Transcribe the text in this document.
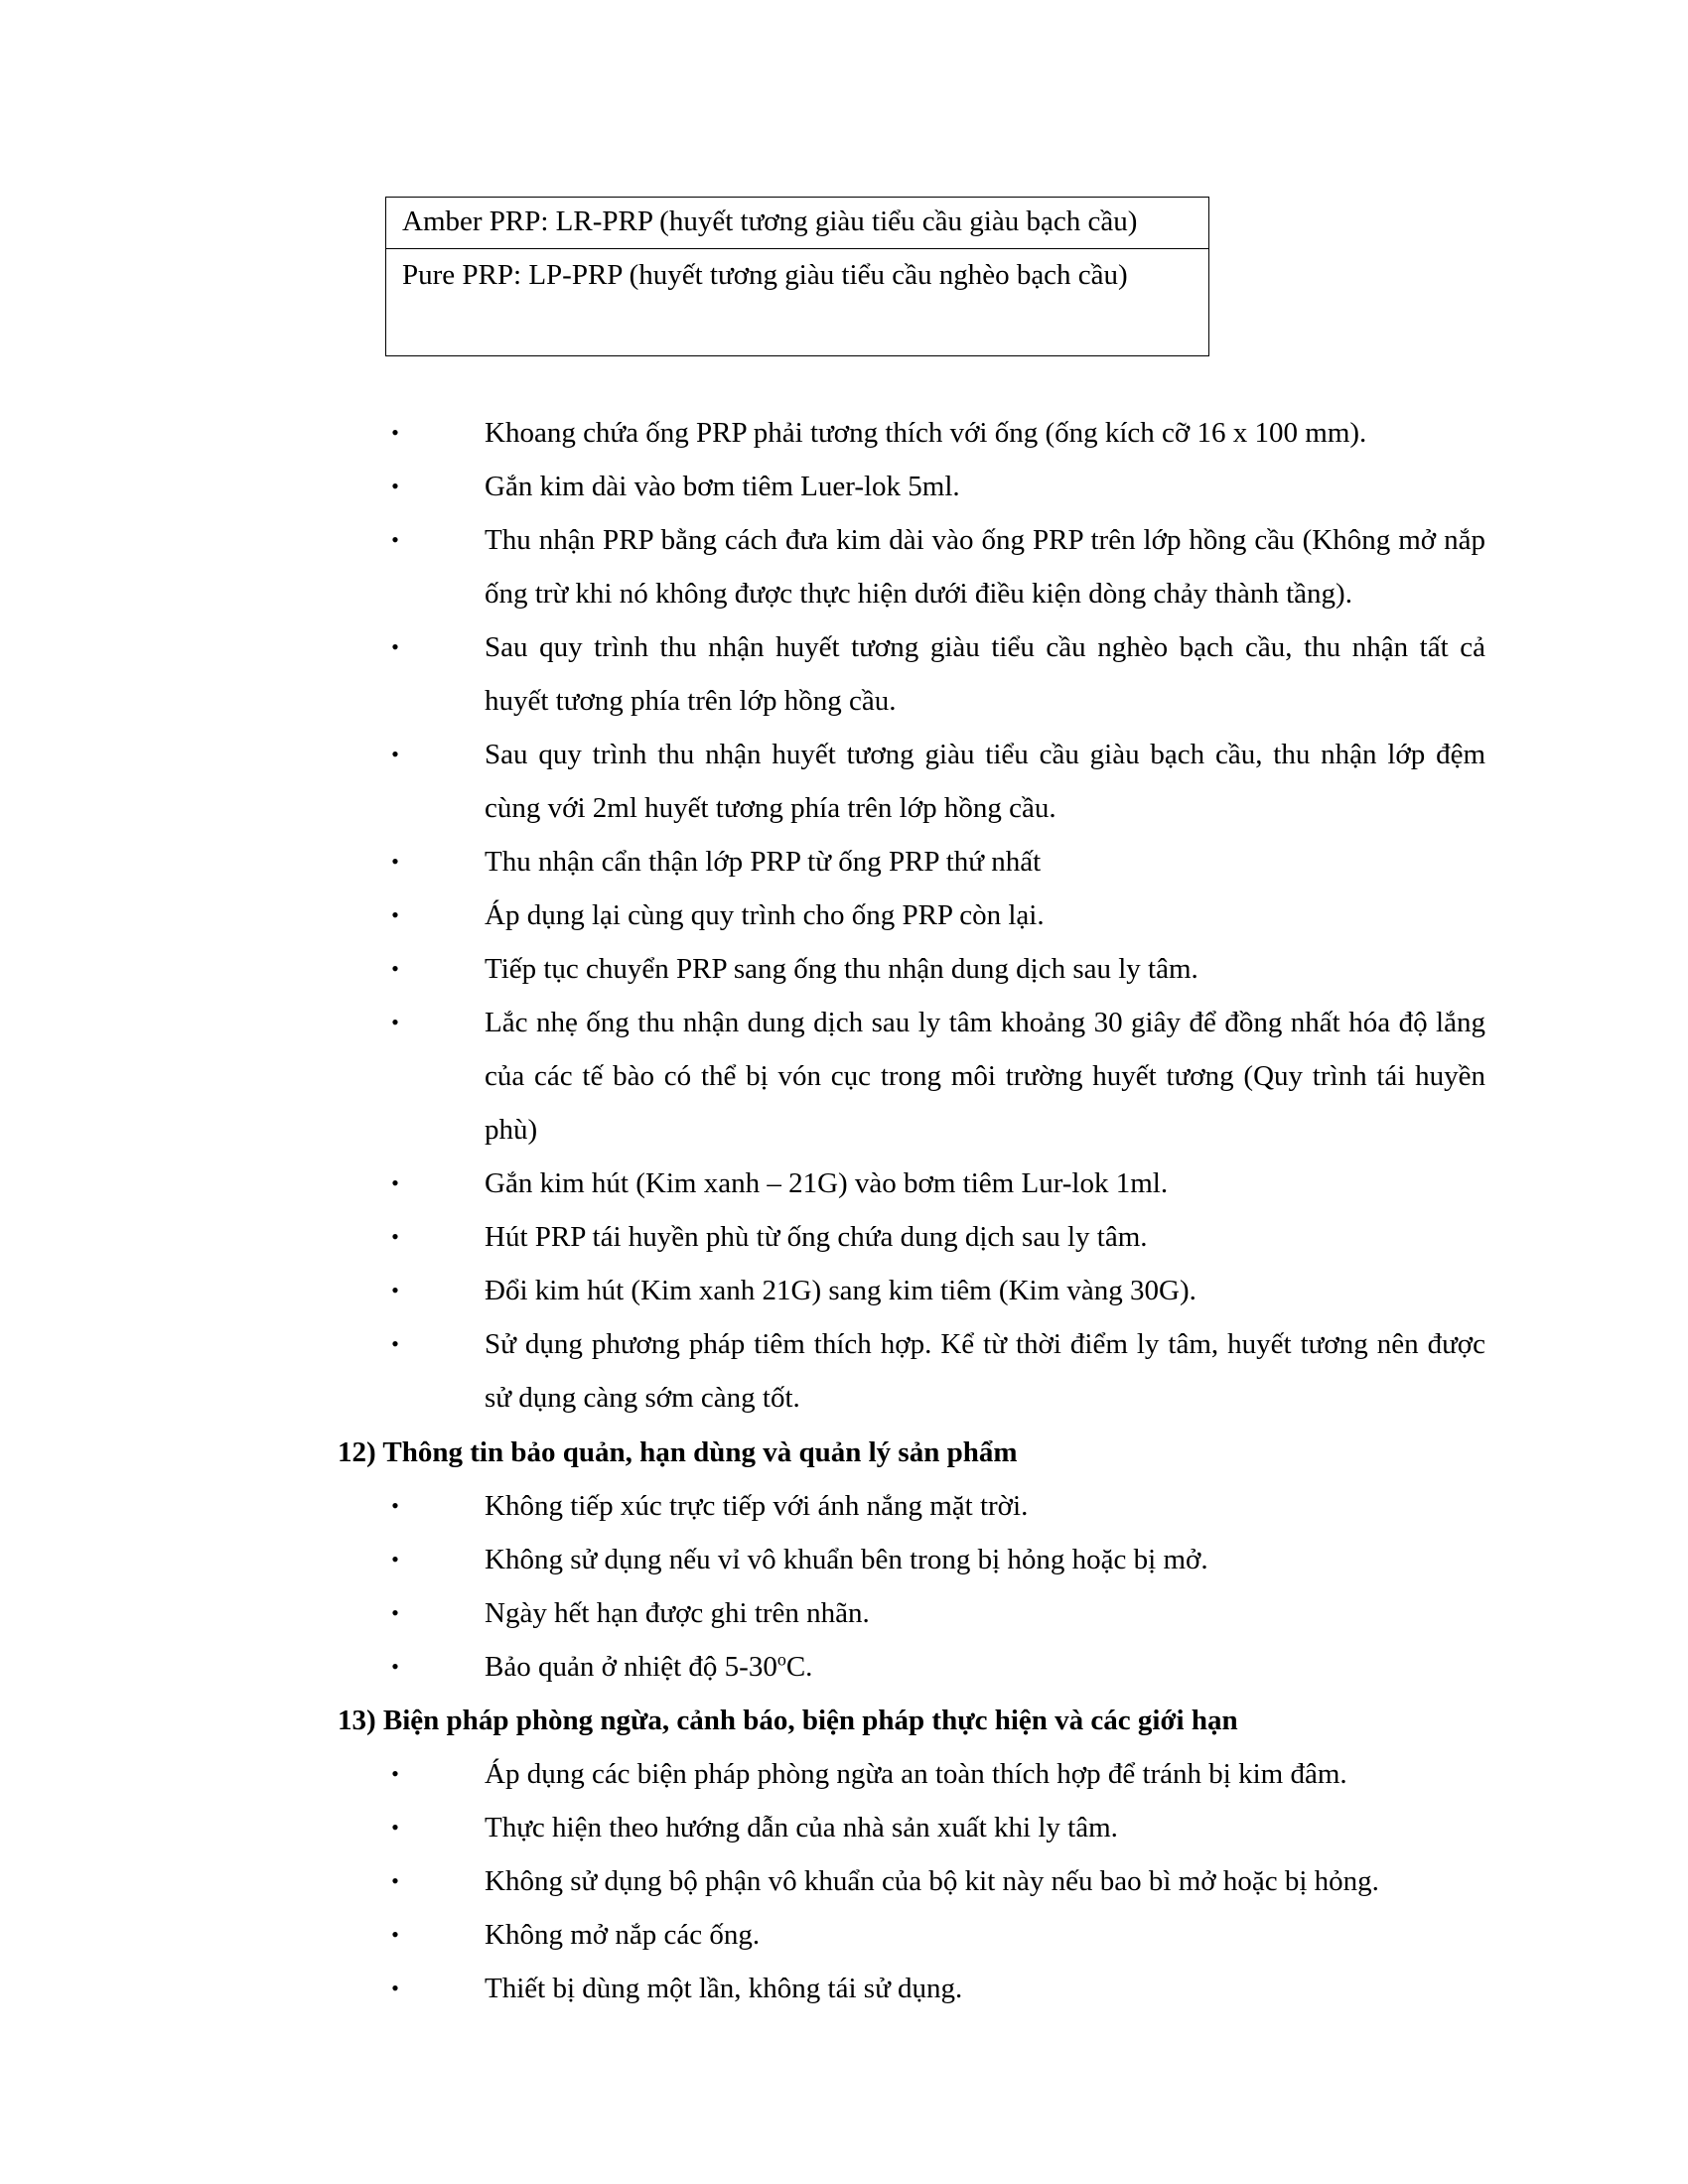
Amber PRP: LR-PRP (huyết tương giàu tiểu cầu giàu bạch cầu)
Pure PRP: LP-PRP (huyết tương giàu tiểu cầu nghèo bạch cầu)
•	Khoang chứa ống PRP phải tương thích với ống (ống kích cỡ 16 x 100 mm).
•	Gắn kim dài vào bơm tiêm Luer-lok 5ml.
•	Thu nhận PRP bằng cách đưa kim dài vào ống PRP trên lớp hồng cầu (Không mở nắp ống trừ khi nó không được thực hiện dưới điều kiện dòng chảy thành tầng).
•	Sau quy trình thu nhận huyết tương giàu tiểu cầu nghèo bạch cầu, thu nhận tất cả huyết tương phía trên lớp hồng cầu.
•	Sau quy trình thu nhận huyết tương giàu tiểu cầu giàu bạch cầu, thu nhận lớp đệm cùng với 2ml huyết tương phía trên lớp hồng cầu.
•	Thu nhận cẩn thận lớp PRP từ ống PRP thứ nhất
•	Áp dụng lại cùng quy trình cho ống PRP còn lại.
•	Tiếp tục chuyển PRP sang ống thu nhận dung dịch sau ly tâm.
•	Lắc nhẹ ống thu nhận dung dịch sau ly tâm khoảng 30 giây để đồng nhất hóa độ lắng của các tế bào có thể bị vón cục trong môi trường huyết tương (Quy trình tái huyền phù)
•	Gắn kim hút (Kim xanh – 21G) vào bơm tiêm Lur-lok 1ml.
•	Hút PRP tái huyền phù từ ống chứa dung dịch sau ly tâm.
•	Đổi kim hút (Kim xanh 21G) sang kim tiêm (Kim vàng 30G).
•	Sử dụng phương pháp tiêm thích hợp. Kể từ thời điểm ly tâm, huyết tương nên được sử dụng càng sớm càng tốt.
12) Thông tin bảo quản, hạn dùng và quản lý sản phẩm
•	Không tiếp xúc trực tiếp với ánh nắng mặt trời.
•	Không sử dụng nếu vỉ vô khuẩn bên trong bị hỏng hoặc bị mở.
•	Ngày hết hạn được ghi trên nhãn.
•	Bảo quản ở nhiệt độ 5-30$^o$C.
13) Biện pháp phòng ngừa, cảnh báo, biện pháp thực hiện và các giới hạn
•	Áp dụng các biện pháp phòng ngừa an toàn thích hợp để tránh bị kim đâm.
•	Thực hiện theo hướng dẫn của nhà sản xuất khi ly tâm.
•	Không sử dụng bộ phận vô khuẩn của bộ kit này nếu bao bì mở hoặc bị hỏng.
•	Không mở nắp các ống.
•	Thiết bị dùng một lần, không tái sử dụng.
